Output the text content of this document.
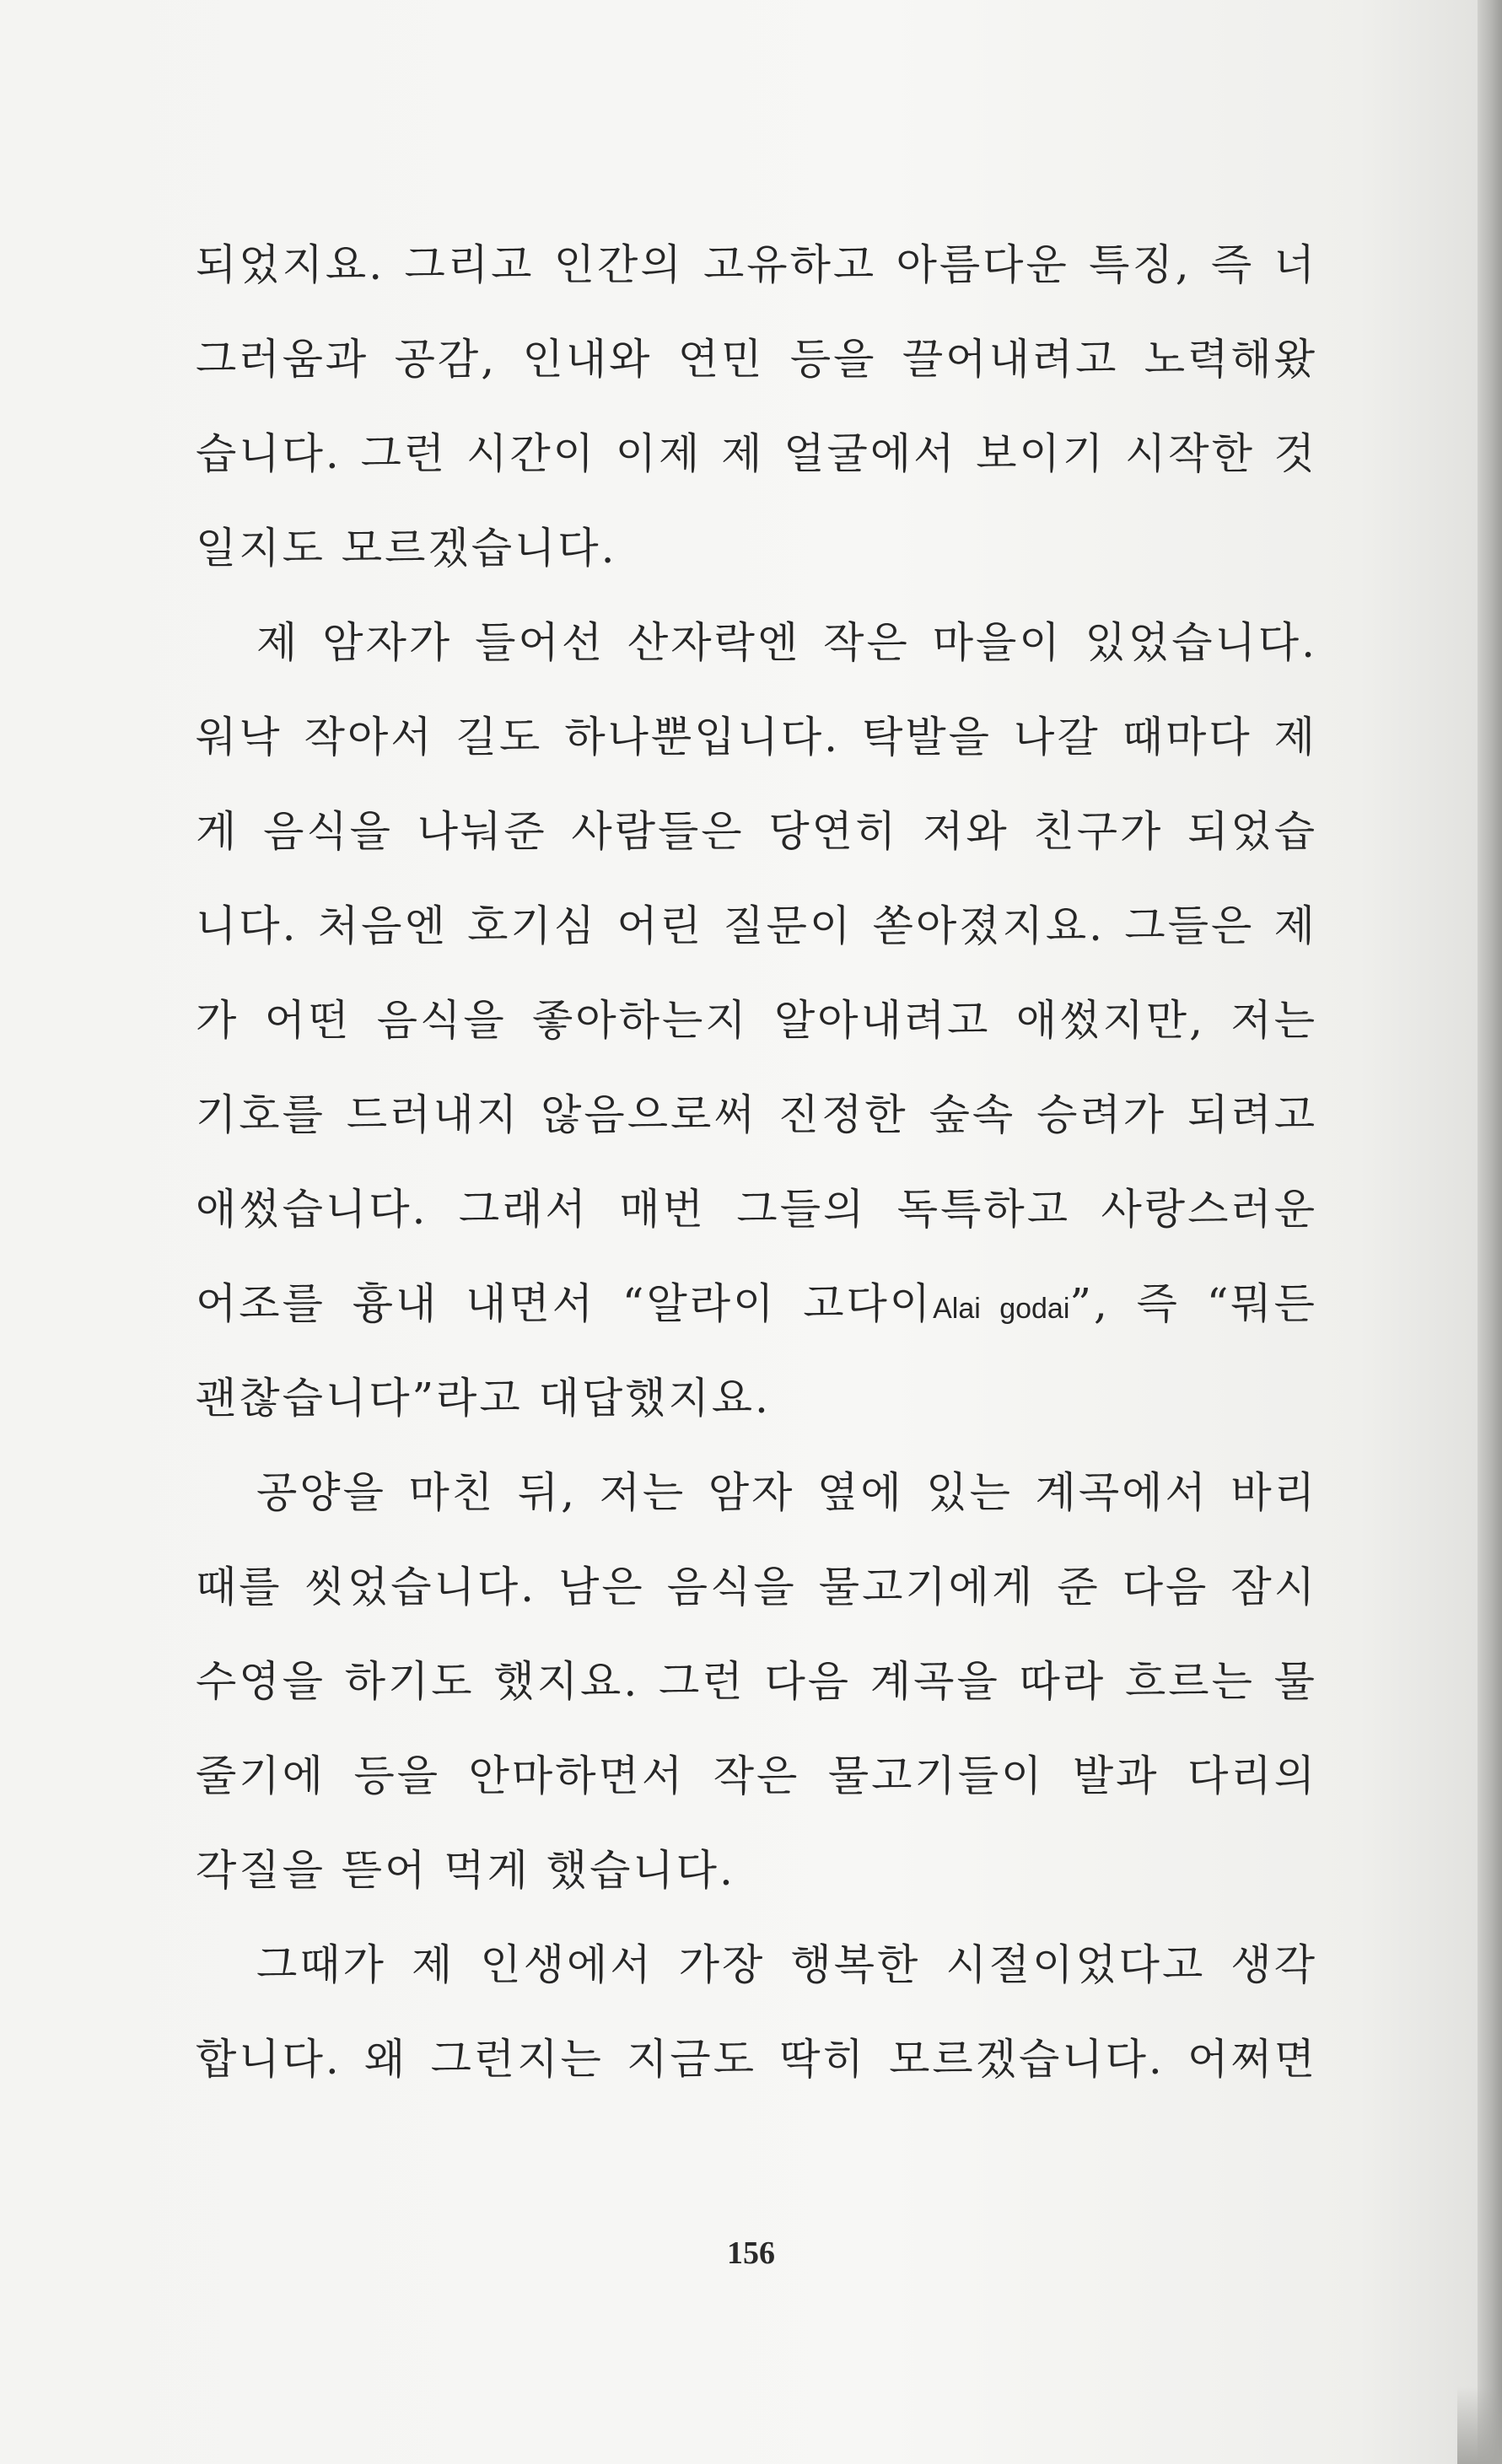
되었지요. 그리고 인간의 고유하고 아름다운 특징, 즉 너
그러움과 공감, 인내와 연민 등을 끌어내려고 노력해왔
습니다. 그런 시간이 이제 제 얼굴에서 보이기 시작한 것
일지도 모르겠습니다.
제 암자가 들어선 산자락엔 작은 마을이 있었습니다.
워낙 작아서 길도 하나뿐입니다. 탁발을 나갈 때마다 제
게 음식을 나눠준 사람들은 당연히 저와 친구가 되었습
니다. 처음엔 호기심 어린 질문이 쏟아졌지요. 그들은 제
가 어떤 음식을 좋아하는지 알아내려고 애썼지만, 저는
기호를 드러내지 않음으로써 진정한 숲속 승려가 되려고
애썼습니다. 그래서 매번 그들의 독특하고 사랑스러운
어조를 흉내 내면서 “알라이 고다이Alai godai”, 즉 “뭐든
괜찮습니다”라고 대답했지요.
공양을 마친 뒤, 저는 암자 옆에 있는 계곡에서 바리
때를 씻었습니다. 남은 음식을 물고기에게 준 다음 잠시
수영을 하기도 했지요. 그런 다음 계곡을 따라 흐르는 물
줄기에 등을 안마하면서 작은 물고기들이 발과 다리의
각질을 뜯어 먹게 했습니다.
그때가 제 인생에서 가장 행복한 시절이었다고 생각
합니다. 왜 그런지는 지금도 딱히 모르겠습니다. 어쩌면
156
